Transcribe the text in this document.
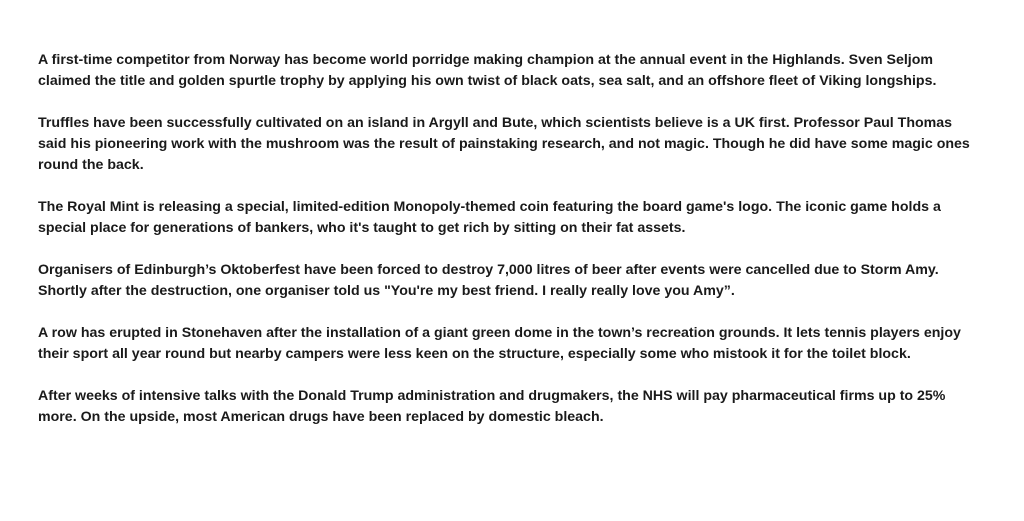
A first-time competitor from Norway has become world porridge making champion at the annual event in the Highlands. Sven Seljom claimed the title and golden spurtle trophy by applying his own twist of black oats, sea salt, and an offshore fleet of Viking longships.

Truffles have been successfully cultivated on an island in Argyll and Bute, which scientists believe is a UK first. Professor Paul Thomas said his pioneering work with the mushroom was the result of painstaking research, and not magic. Though he did have some magic ones round the back.

The Royal Mint is releasing a special, limited-edition Monopoly-themed coin featuring the board game's logo. The iconic game holds a special place for generations of bankers, who it's taught to get rich by sitting on their fat assets.

Organisers of Edinburgh’s Oktoberfest have been forced to destroy 7,000 litres of beer after events were cancelled due to Storm Amy. Shortly after the destruction, one organiser told us "You're my best friend. I really really love you Amy”.

A row has erupted in Stonehaven after the installation of a giant green dome in the town’s recreation grounds. It lets tennis players enjoy their sport all year round but nearby campers were less keen on the structure, especially some who mistook it for the toilet block.

After weeks of intensive talks with the Donald Trump administration and drugmakers, the NHS will pay pharmaceutical firms up to 25% more. On the upside, most American drugs have been replaced by domestic bleach.
